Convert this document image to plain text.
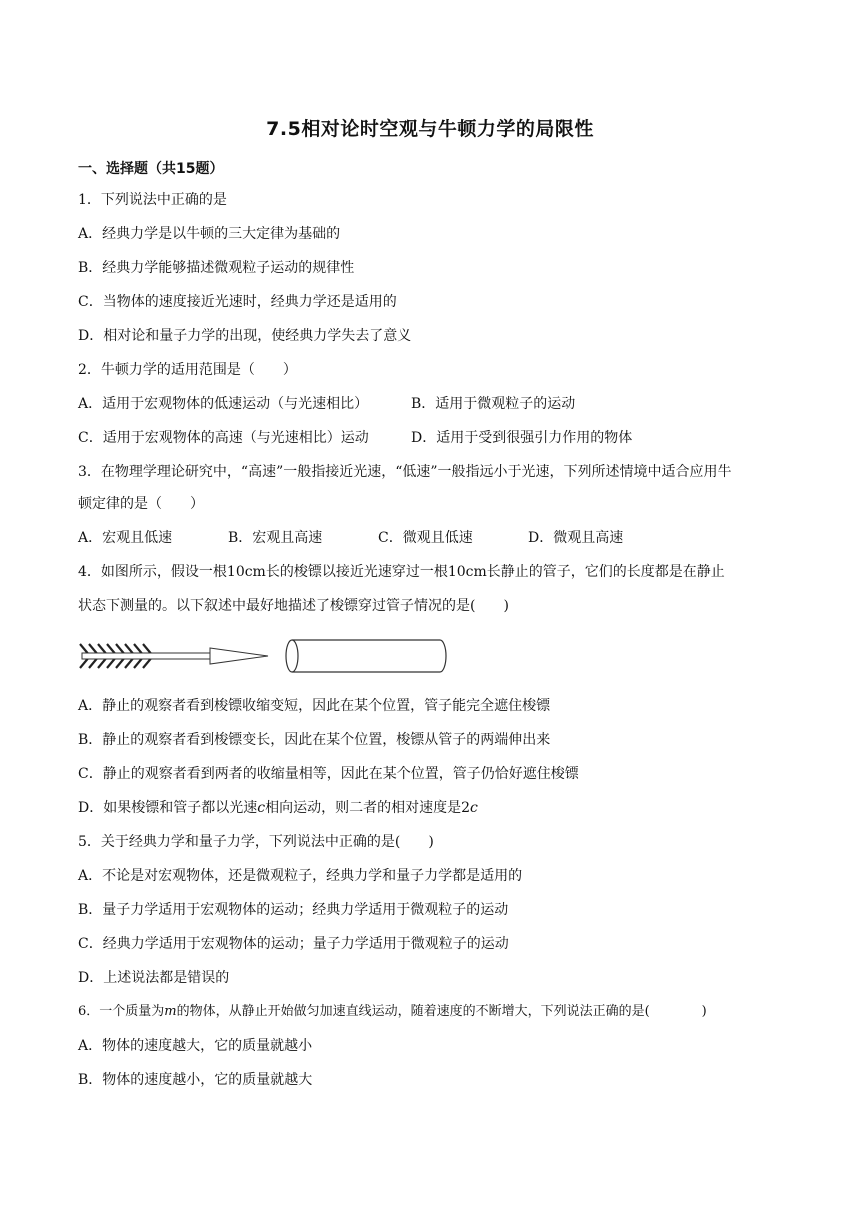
7.5相对论时空观与牛顿力学的局限性
一、选择题（共15题）
1．下列说法中正确的是
A．经典力学是以牛顿的三大定律为基础的
B．经典力学能够描述微观粒子运动的规律性
C．当物体的速度接近光速时，经典力学还是适用的
D．相对论和量子力学的出现，使经典力学失去了意义
2．牛顿力学的适用范围是（　　）
A．适用于宏观物体的低速运动（与光速相比）	B．适用于微观粒子的运动
C．适用于宏观物体的高速（与光速相比）运动	D．适用于受到很强引力作用的物体
3．在物理学理论研究中，“高速”一般指接近光速，“低速”一般指远小于光速，下列所述情境中适合应用牛
顿定律的是（　　）
A．宏观且低速	B．宏观且高速	C．微观且低速	D．微观且高速
4．如图所示，假设一根10cm长的梭镖以接近光速穿过一根10cm长静止的管子，它们的长度都是在静止
状态下测量的。以下叙述中最好地描述了梭镖穿过管子情况的是(　　)
A．静止的观察者看到梭镖收缩变短，因此在某个位置，管子能完全遮住梭镖
B．静止的观察者看到梭镖变长，因此在某个位置，梭镖从管子的两端伸出来
C．静止的观察者看到两者的收缩量相等，因此在某个位置，管子仍恰好遮住梭镖
D．如果梭镖和管子都以光速c相向运动，则二者的相对速度是2c
5．关于经典力学和量子力学，下列说法中正确的是(　　)
A．不论是对宏观物体，还是微观粒子，经典力学和量子力学都是适用的
B．量子力学适用于宏观物体的运动；经典力学适用于微观粒子的运动
C．经典力学适用于宏观物体的运动；量子力学适用于微观粒子的运动
D．上述说法都是错误的
6．一个质量为m的物体，从静止开始做匀加速直线运动，随着速度的不断增大，下列说法正确的是(　　　　)
A．物体的速度越大，它的质量就越小
B．物体的速度越小，它的质量就越大
